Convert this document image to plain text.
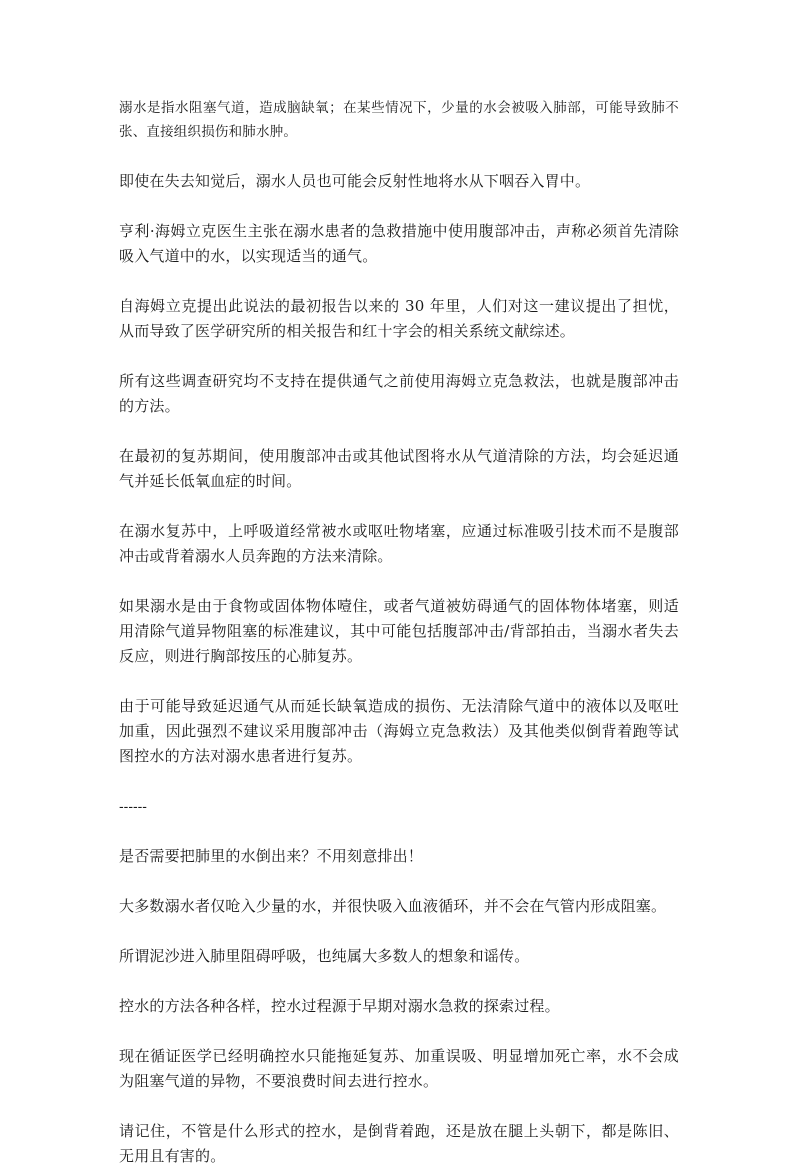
溺水是指水阻塞气道，造成脑缺氧；在某些情况下，少量的水会被吸入肺部，可能导致肺不张、直接组织损伤和肺水肿。

即使在失去知觉后，溺水人员也可能会反射性地将水从下咽吞入胃中。

亨利·海姆立克医生主张在溺水患者的急救措施中使用腹部冲击，声称必须首先清除吸入气道中的水，以实现适当的通气。

自海姆立克提出此说法的最初报告以来的 30 年里，人们对这一建议提出了担忧，从而导致了医学研究所的相关报告和红十字会的相关系统文献综述。

所有这些调查研究均不支持在提供通气之前使用海姆立克急救法，也就是腹部冲击的方法。

在最初的复苏期间，使用腹部冲击或其他试图将水从气道清除的方法，均会延迟通气并延长低氧血症的时间。

在溺水复苏中，上呼吸道经常被水或呕吐物堵塞，应通过标准吸引技术而不是腹部冲击或背着溺水人员奔跑的方法来清除。

如果溺水是由于食物或固体物体噎住，或者气道被妨碍通气的固体物体堵塞，则适用清除气道异物阻塞的标准建议，其中可能包括腹部冲击/背部拍击，当溺水者失去反应，则进行胸部按压的心肺复苏。

由于可能导致延迟通气从而延长缺氧造成的损伤、无法清除气道中的液体以及呕吐加重，因此强烈不建议采用腹部冲击（海姆立克急救法）及其他类似倒背着跑等试图控水的方法对溺水患者进行复苏。

------

是否需要把肺里的水倒出来？不用刻意排出！

大多数溺水者仅呛入少量的水，并很快吸入血液循环，并不会在气管内形成阻塞。

所谓泥沙进入肺里阻碍呼吸，也纯属大多数人的想象和谣传。

控水的方法各种各样，控水过程源于早期对溺水急救的探索过程。

现在循证医学已经明确控水只能拖延复苏、加重误吸、明显增加死亡率，水不会成为阻塞气道的异物，不要浪费时间去进行控水。

请记住，不管是什么形式的控水，是倒背着跑，还是放在腿上头朝下，都是陈旧、无用且有害的。
